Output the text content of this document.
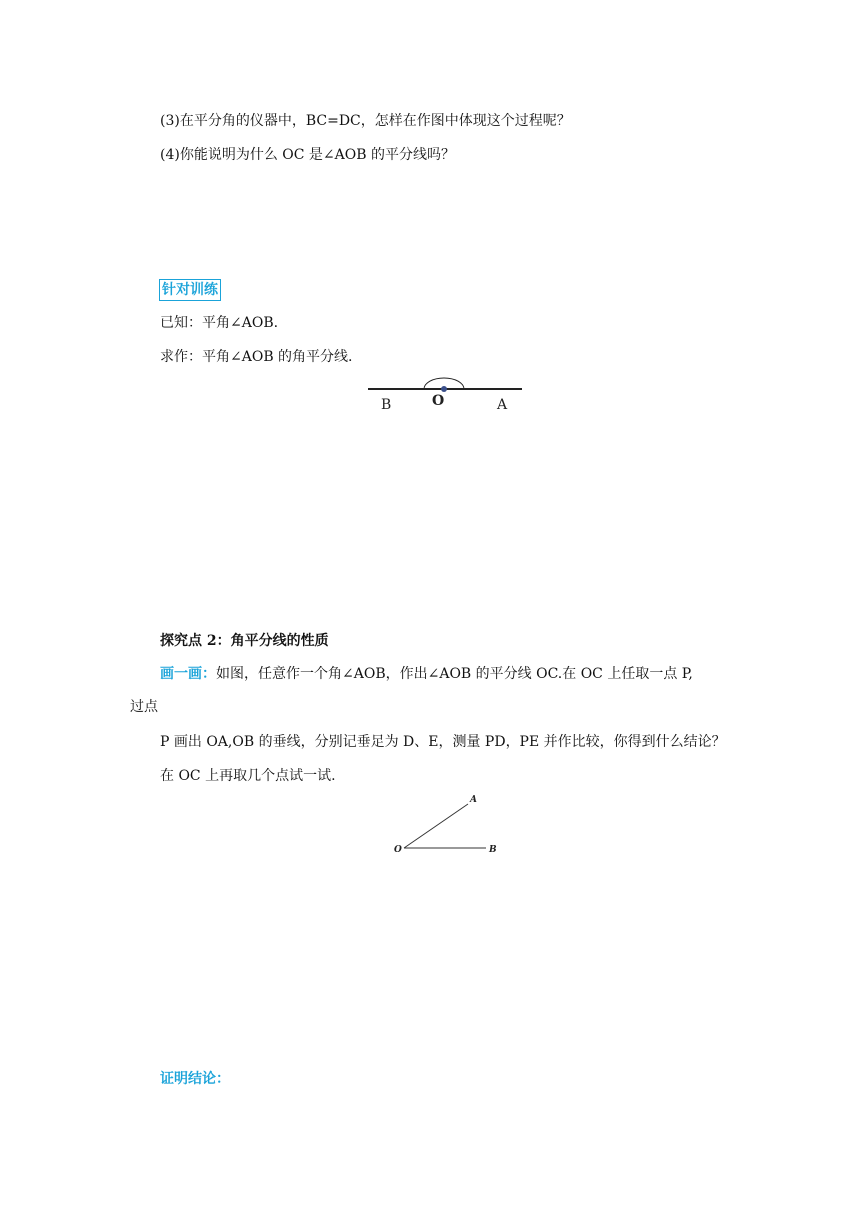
(3)在平分角的仪器中，BC=DC，怎样在作图中体现这个过程呢？
(4)你能说明为什么 OC 是∠AOB 的平分线吗？
针对训练
已知：平角∠AOB.
求作：平角∠AOB 的角平分线.
B	O	A
探究点 2：角平分线的性质
画一画：如图，任意作一个角∠AOB，作出∠AOB 的平分线 OC.在 OC 上任取一点 P,
过点
P 画出 OA,OB 的垂线，分别记垂足为 D、E，测量 PD，PE 并作比较，你得到什么结论？
在 OC 上再取几个点试一试.
A
O	B
证明结论：
